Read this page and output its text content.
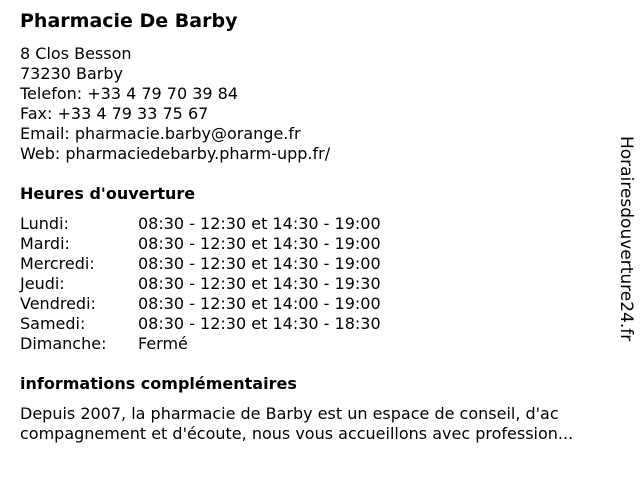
Pharmacie De Barby
8 Clos Besson
73230 Barby
Telefon: +33 4 79 70 39 84
Fax: +33 4 79 33 75 67
Email: pharmacie.barby@orange.fr
Web: pharmaciedebarby.pharm-upp.fr/
Heures d'ouverture
Lundi:	08:30 - 12:30 et 14:30 - 19:00
Mardi:	08:30 - 12:30 et 14:30 - 19:00
Mercredi:	08:30 - 12:30 et 14:30 - 19:00
Jeudi:	08:30 - 12:30 et 14:30 - 19:30
Vendredi:	08:30 - 12:30 et 14:00 - 19:00
Samedi:	08:30 - 12:30 et 14:30 - 18:30
Dimanche: Fermé
informations complémentaires
Depuis 2007, la pharmacie de Barby est un espace de conseil, d'ac
compagnement et d'écoute, nous vous accueillons avec profession...
Horairesdouverture24.fr
